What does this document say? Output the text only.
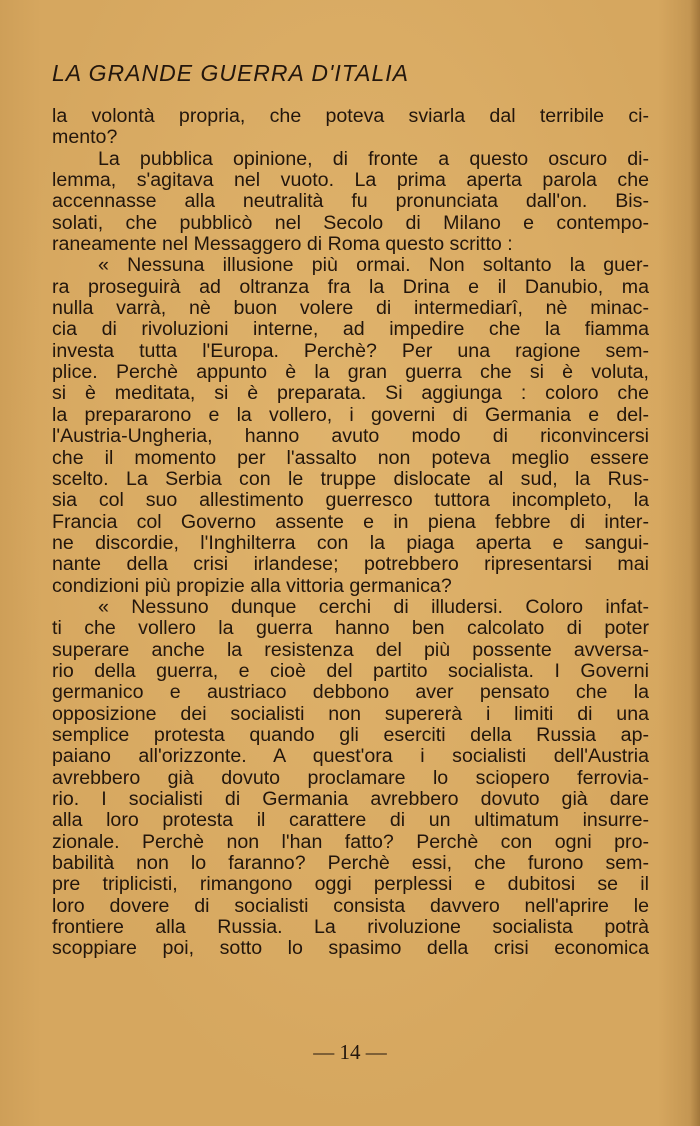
LA GRANDE GUERRA D'ITALIA
la volontà propria, che poteva sviarla dal terribile ci-
mento?
La pubblica opinione, di fronte a questo oscuro di-
lemma, s'agitava nel vuoto. La prima aperta parola che
accennasse alla neutralità fu pronunciata dall'on. Bis-
solati, che pubblicò nel Secolo di Milano e contempo-
raneamente nel Messaggero di Roma questo scritto :
« Nessuna illusione più ormai. Non soltanto la guer-
ra proseguirà ad oltranza fra la Drina e il Danubio, ma
nulla varrà, nè buon volere di intermediarî, nè minac-
cia di rivoluzioni interne, ad impedire che la fiamma
investa tutta l'Europa. Perchè? Per una ragione sem-
plice. Perchè appunto è la gran guerra che si è voluta,
si è meditata, si è preparata. Si aggiunga : coloro che
la prepararono e la vollero, i governi di Germania e del-
l'Austria-Ungheria, hanno avuto modo di riconvincersi
che il momento per l'assalto non poteva meglio essere
scelto. La Serbia con le truppe dislocate al sud, la Rus-
sia col suo allestimento guerresco tuttora incompleto, la
Francia col Governo assente e in piena febbre di inter-
ne discordie, l'Inghilterra con la piaga aperta e sangui-
nante della crisi irlandese; potrebbero ripresentarsi mai
condizioni più propizie alla vittoria germanica?
« Nessuno dunque cerchi di illudersi. Coloro infat-
ti che vollero la guerra hanno ben calcolato di poter
superare anche la resistenza del più possente avversa-
rio della guerra, e cioè del partito socialista. I Governi
germanico e austriaco debbono aver pensato che la
opposizione dei socialisti non supererà i limiti di una
semplice protesta quando gli eserciti della Russia ap-
paiano all'orizzonte. A quest'ora i socialisti dell'Austria
avrebbero già dovuto proclamare lo sciopero ferrovia-
rio. I socialisti di Germania avrebbero dovuto già dare
alla loro protesta il carattere di un ultimatum insurre-
zionale. Perchè non l'han fatto? Perchè con ogni pro-
babilità non lo faranno? Perchè essi, che furono sem-
pre triplicisti, rimangono oggi perplessi e dubitosi se il
loro dovere di socialisti consista davvero nell'aprire le
frontiere alla Russia. La rivoluzione socialista potrà
scoppiare poi, sotto lo spasimo della crisi economica
— 14 —
